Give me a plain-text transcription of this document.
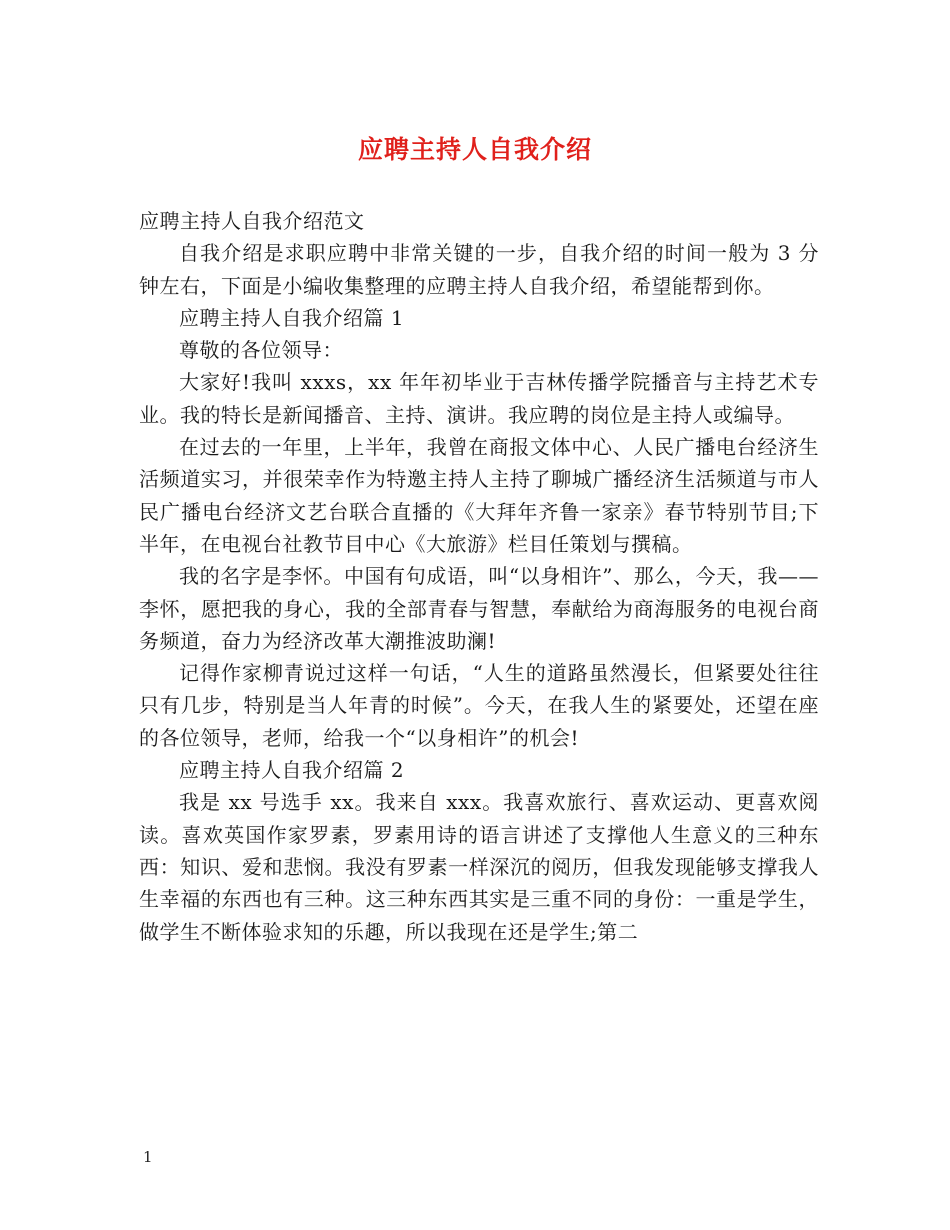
应聘主持人自我介绍

应聘主持人自我介绍范文

自我介绍是求职应聘中非常关键的一步，自我介绍的时间一般为 3 分钟左右，下面是小编收集整理的应聘主持人自我介绍，希望能帮到你。

应聘主持人自我介绍篇 1

尊敬的各位领导：

大家好!我叫 xxxs，xx 年年初毕业于吉林传播学院播音与主持艺术专业。我的特长是新闻播音、主持、演讲。我应聘的岗位是主持人或编导。

在过去的一年里，上半年，我曾在商报文体中心、人民广播电台经济生活频道实习，并很荣幸作为特邀主持人主持了聊城广播经济生活频道与市人民广播电台经济文艺台联合直播的《大拜年齐鲁一家亲》春节特别节目;下半年，在电视台社教节目中心《大旅游》栏目任策划与撰稿。

我的名字是李怀。中国有句成语，叫“以身相许”、那么，今天，我——李怀，愿把我的身心，我的全部青春与智慧，奉献给为商海服务的电视台商务频道，奋力为经济改革大潮推波助澜!

记得作家柳青说过这样一句话，“人生的道路虽然漫长，但紧要处往往只有几步，特别是当人年青的时候”。今天，在我人生的紧要处，还望在座的各位领导，老师，给我一个“以身相许”的机会!

应聘主持人自我介绍篇 2

我是 xx 号选手 xx。我来自 xxx。我喜欢旅行、喜欢运动、更喜欢阅读。喜欢英国作家罗素，罗素用诗的语言讲述了支撑他人生意义的三种东西：知识、爱和悲悯。我没有罗素一样深沉的阅历，但我发现能够支撑我人生幸福的东西也有三种。这三种东西其实是三重不同的身份：一重是学生，做学生不断体验求知的乐趣，所以我现在还是学生;第二

1
